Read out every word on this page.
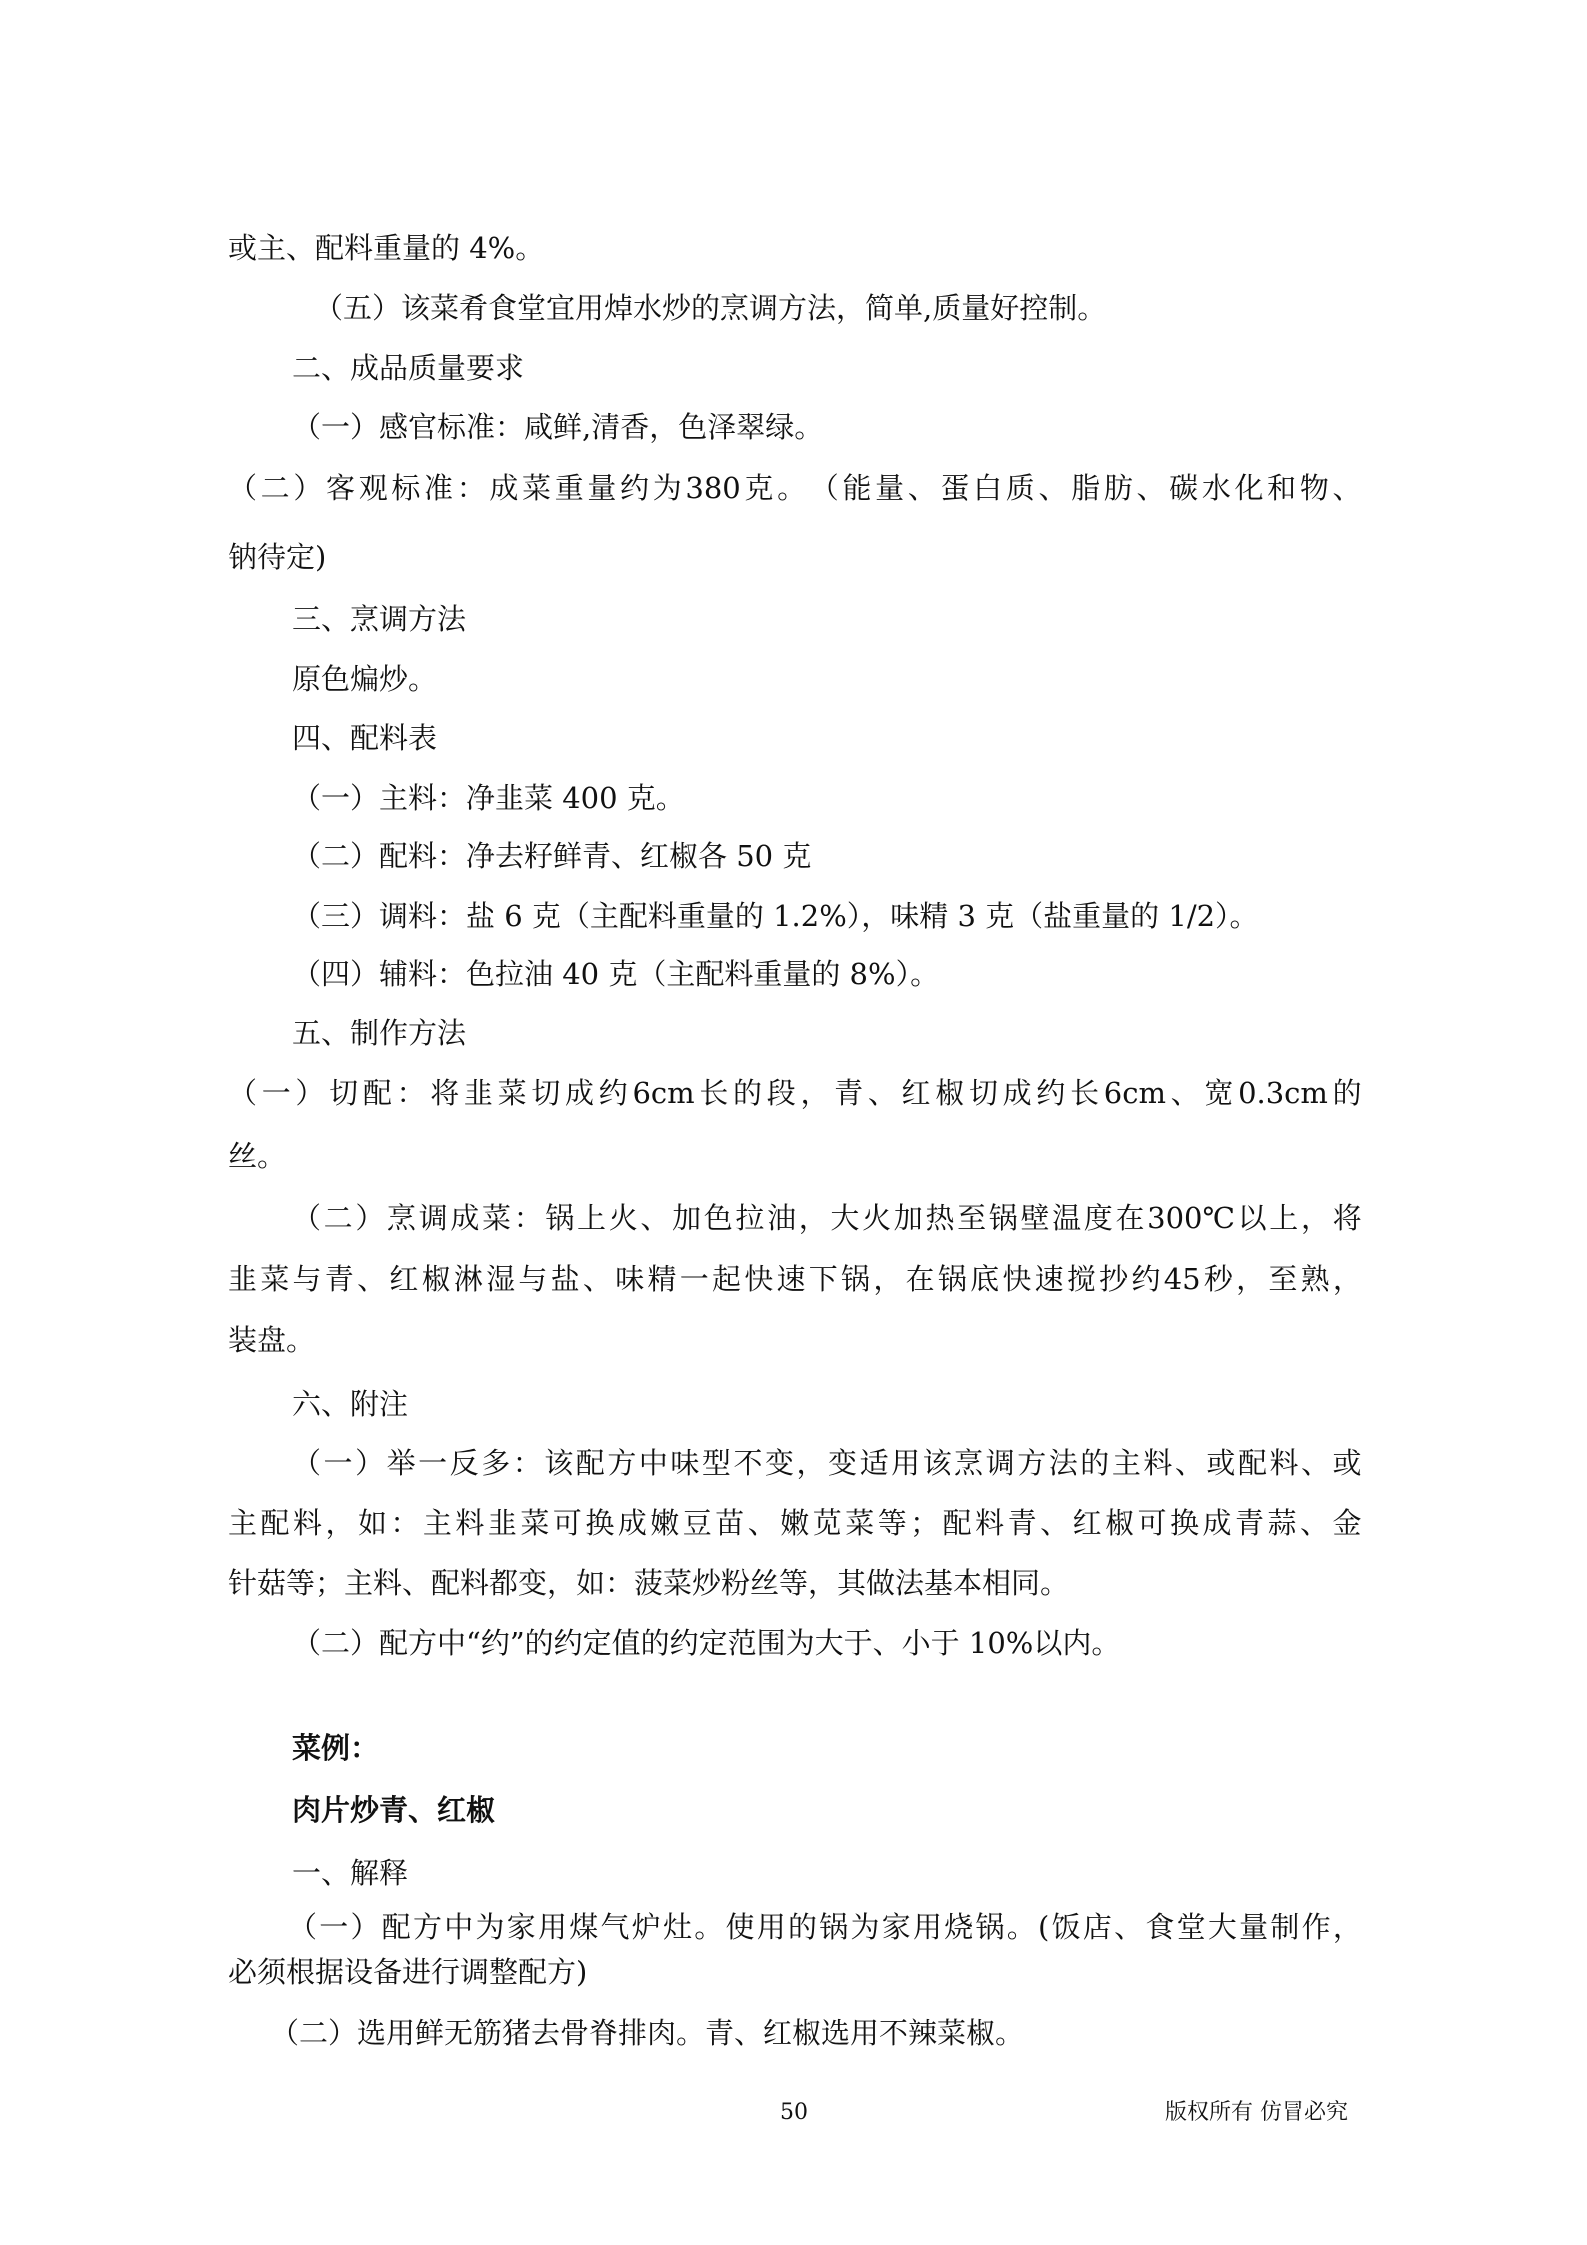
或主、配料重量的 4%。

（五）该菜肴食堂宜用焯水炒的烹调方法，简单,质量好控制。

二、成品质量要求

（一）感官标准：咸鲜,清香，色泽翠绿。

（ 二 ） 客 观 标 准 ： 成 菜 重 量 约 为 380 克 。 （ 能 量 、 蛋 白 质 、 脂 肪 、 碳 水 化 和 物 、

钠待定)

三、烹调方法

原色煸炒。

四、配料表

（一）主料：净韭菜 400 克。

（二）配料：净去籽鲜青、红椒各 50 克

（三）调料：盐 6 克（主配料重量的 1.2%），味精 3 克（盐重量的 1/2）。

（四）辅料：色拉油 40 克（主配料重量的 8%）。

五、制作方法

（ 一 ） 切 配 ： 将 韭 菜 切 成 约 6cm 长 的 段 ， 青 、 红 椒 切 成 约 长 6cm 、 宽 0.3cm 的

丝。

（ 二 ） 烹 调 成 菜 ： 锅 上 火 、 加 色 拉 油 ， 大 火 加 热 至 锅 壁 温 度 在 300℃ 以 上 ， 将

韭 菜 与 青 、 红 椒 淋 湿 与 盐 、 味 精 一 起 快 速 下 锅 ， 在 锅 底 快 速 搅 抄 约 45 秒 ， 至 熟 ，

装盘。

六、附注

（ 一 ） 举 一 反 多 ： 该 配 方 中 味 型 不 变 ， 变 适 用 该 烹 调 方 法 的 主 料 、 或 配 料 、 或

主 配 料 ， 如 ： 主 料 韭 菜 可 换 成 嫩 豆 苗 、 嫩 苋 菜 等 ； 配 料 青 、 红 椒 可 换 成 青 蒜 、 金

针菇等；主料、配料都变，如：菠菜炒粉丝等，其做法基本相同。

（二）配方中“约”的约定值的约定范围为大于、小于 10%以内。

菜例：

肉片炒青、红椒

一、解释

（ 一 ） 配 方 中 为 家 用 煤 气 炉 灶 。 使 用 的 锅 为 家 用 烧 锅 。 ( 饭 店 、 食 堂 大 量 制 作 ，

必须根据设备进行调整配方)

（二）选用鲜无筋猪去骨脊排肉。青、红椒选用不辣菜椒。

50	版权所有 仿冒必究
